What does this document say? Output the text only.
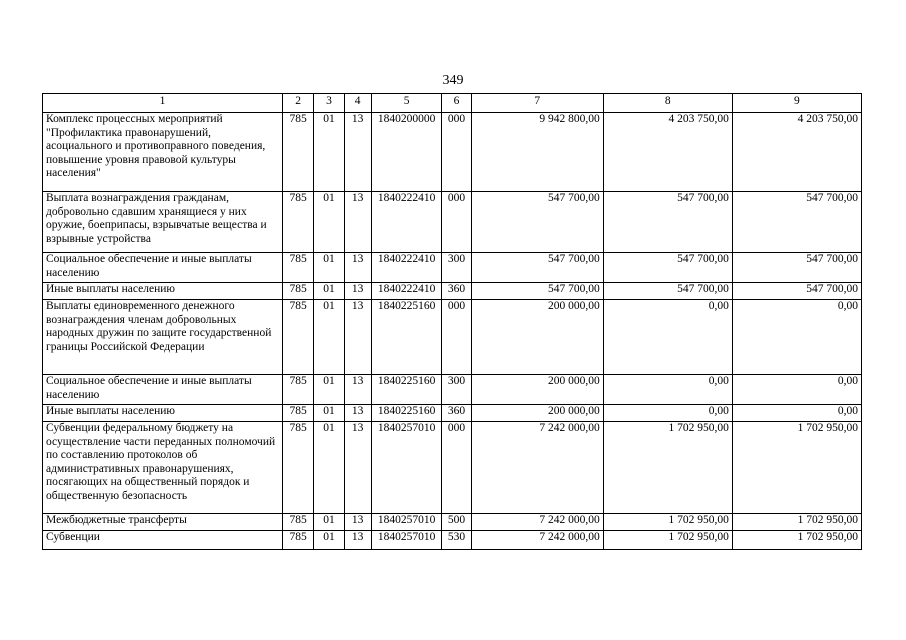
349
1	2	3	4	5	6	7	8	9
Комплекс процессных мероприятий "Профилактика правонарушений, асоциального и противоправного поведения, повышение уровня правовой культуры населения"	785	01	13	1840200000	000	9 942 800,00	4 203 750,00	4 203 750,00
Выплата вознаграждения гражданам, добровольно сдавшим хранящиеся у них оружие, боеприпасы, взрывчатые вещества и взрывные устройства	785	01	13	1840222410	000	547 700,00	547 700,00	547 700,00
Социальное обеспечение и иные выплаты населению	785	01	13	1840222410	300	547 700,00	547 700,00	547 700,00
Иные выплаты населению	785	01	13	1840222410	360	547 700,00	547 700,00	547 700,00
Выплаты единовременного денежного вознаграждения членам добровольных народных дружин по защите государственной границы Российской Федерации	785	01	13	1840225160	000	200 000,00	0,00	0,00
Социальное обеспечение и иные выплаты населению	785	01	13	1840225160	300	200 000,00	0,00	0,00
Иные выплаты населению	785	01	13	1840225160	360	200 000,00	0,00	0,00
Субвенции федеральному бюджету на осуществление части переданных полномочий по составлению протоколов об административных правонарушениях, посягающих на общественный порядок и общественную безопасность	785	01	13	1840257010	000	7 242 000,00	1 702 950,00	1 702 950,00
Межбюджетные трансферты	785	01	13	1840257010	500	7 242 000,00	1 702 950,00	1 702 950,00
Субвенции	785	01	13	1840257010	530	7 242 000,00	1 702 950,00	1 702 950,00
